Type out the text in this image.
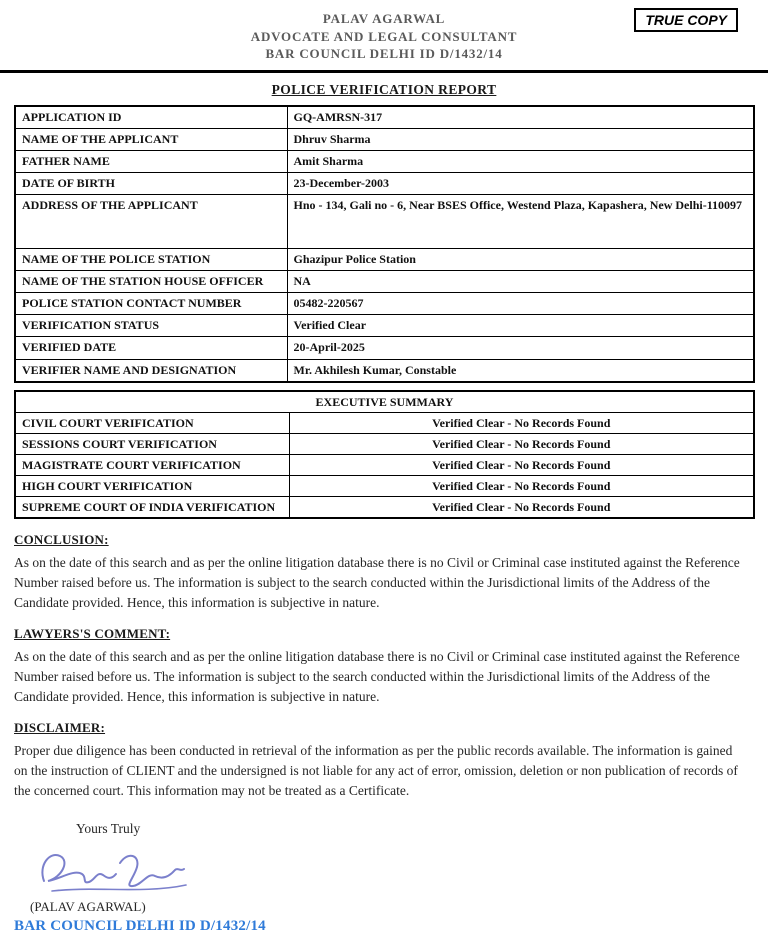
TRUE COPY
PALAV AGARWAL
ADVOCATE AND LEGAL CONSULTANT
BAR COUNCIL DELHI ID D/1432/14
POLICE VERIFICATION REPORT
APPLICATION ID	GQ-AMRSN-317
NAME OF THE APPLICANT	Dhruv Sharma
FATHER NAME	Amit Sharma
DATE OF BIRTH	23-December-2003
ADDRESS OF THE APPLICANT	Hno - 134, Gali no - 6, Near BSES Office, Westend Plaza, Kapashera, New Delhi-110097
NAME OF THE POLICE STATION	Ghazipur Police Station
NAME OF THE STATION HOUSE OFFICER	NA
POLICE STATION CONTACT NUMBER	05482-220567
VERIFICATION STATUS	Verified Clear
VERIFIED DATE	20-April-2025
VERIFIER NAME AND DESIGNATION	Mr. Akhilesh Kumar, Constable
EXECUTIVE SUMMARY	
CIVIL COURT VERIFICATION	Verified Clear - No Records Found
SESSIONS COURT VERIFICATION	Verified Clear - No Records Found
MAGISTRATE COURT VERIFICATION	Verified Clear - No Records Found
HIGH COURT VERIFICATION	Verified Clear - No Records Found
SUPREME COURT OF INDIA VERIFICATION	Verified Clear - No Records Found
CONCLUSION:

As on the date of this search and as per the online litigation database there is no Civil or Criminal case instituted against the Reference Number raised before us. The information is subject to the search conducted within the Jurisdictional limits of the Address of the Candidate provided. Hence, this information is subjective in nature.

LAWYERS'S COMMENT:

As on the date of this search and as per the online litigation database there is no Civil or Criminal case instituted against the Reference Number raised before us. The information is subject to the search conducted within the Jurisdictional limits of the Address of the Candidate provided. Hence, this information is subjective in nature.

DISCLAIMER:

Proper due diligence has been conducted in retrieval of the information as per the public records available. The information is gained on the instruction of CLIENT and the undersigned is not liable for any act of error, omission, deletion or non publication of records of the concerned court. This information may not be treated as a Certificate.

Yours Truly
(PALAV AGARWAL)
BAR COUNCIL DELHI ID D/1432/14
